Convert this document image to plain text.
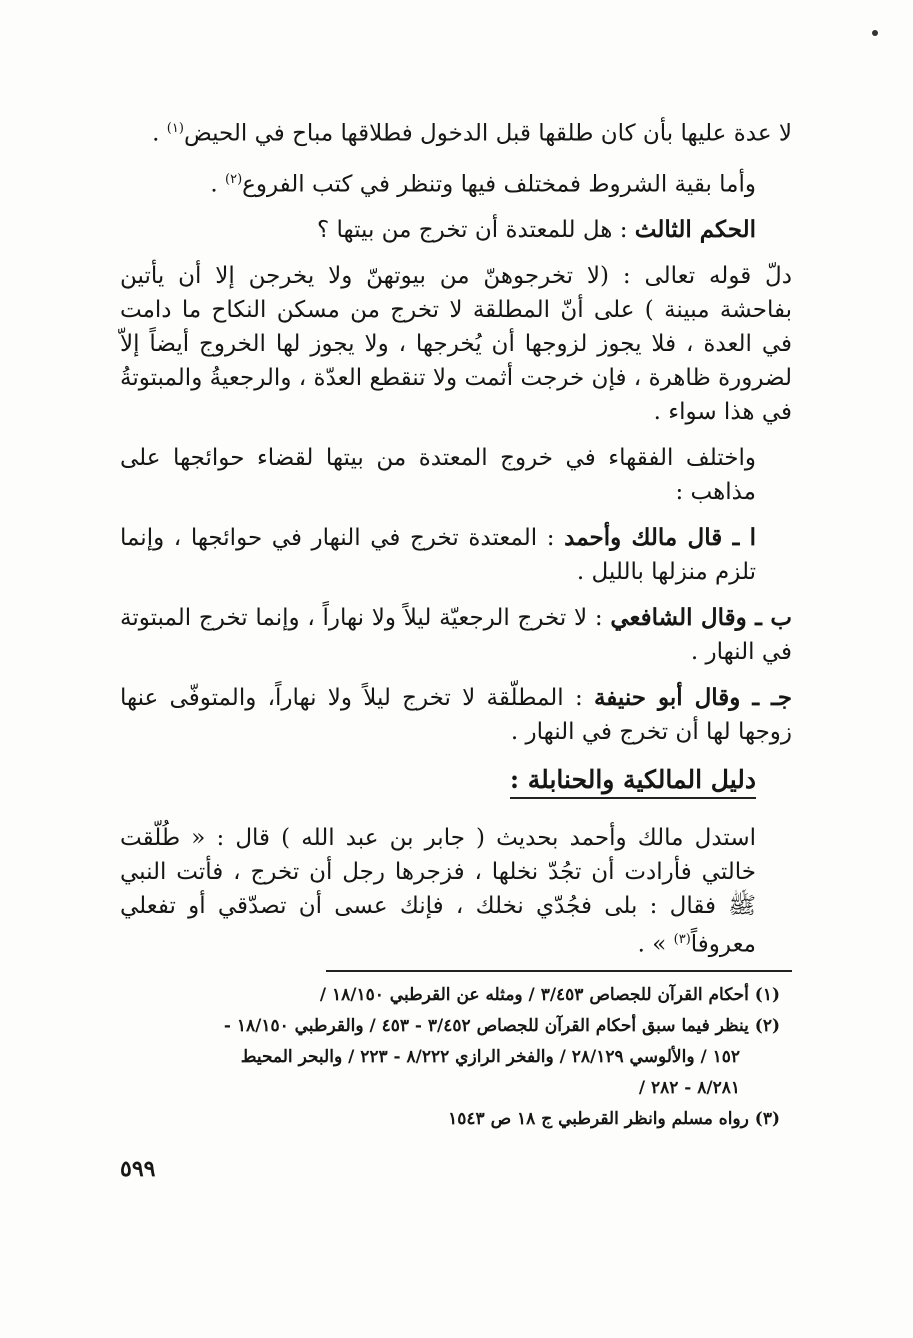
لا عدة عليها بأن كان طلقها قبل الدخول فطلاقها مباح في الحيض$^{(١)}$ .

وأما بقية الشروط فمختلف فيها وتنظر في كتب الفروع$^{(٢)}$ .

الحكم الثالث : هل للمعتدة أن تخرج من بيتها ؟

دلّ قوله تعالى : (لا تخرجوهنّ من بيوتهنّ ولا يخرجن إلا أن يأتين بفاحشة مبينة ) على أنّ المطلقة لا تخرج من مسكن النكاح ما دامت في العدة ، فلا يجوز لزوجها أن يُخرجها ، ولا يجوز لها الخروج أيضاً إلاّ لضرورة ظاهرة ، فإن خرجت أثمت ولا تنقطع العدّة ، والرجعيةُ والمبتوتةُ في هذا سواء .

واختلف الفقهاء في خروج المعتدة من بيتها لقضاء حوائجها على مذاهب :

ا ـ قال مالك وأحمد : المعتدة تخرج في النهار في حوائجها ، وإنما تلزم منزلها بالليل .

ب ـ وقال الشافعي : لا تخرج الرجعيّة ليلاً ولا نهاراً ، وإنما تخرج المبتوتة في النهار .

جـ ـ وقال أبو حنيفة : المطلّقة لا تخرج ليلاً ولا نهاراً، والمتوفّى عنها زوجها لها أن تخرج في النهار .

دليل المالكية والحنابلة :

استدل مالك وأحمد بحديث ( جابر بن عبد الله ) قال : « طُلّقت خالتي فأرادت أن تجُدّ نخلها ، فزجرها رجل أن تخرج ، فأتت النبي ﷺ فقال : بلى فجُدّي نخلك ، فإنك عسى أن تصدّقي أو تفعلي معروفاً$^{(٣)}$ » .

(١) أحكام القرآن للجصاص ٣/٤٥٣ / ومثله عن القرطبي ١٨/١٥٠ /
(٢) ينظر فيما سبق أحكام القرآن للجصاص ٣/٤٥٢ - ٤٥٣ / والقرطبي ١٨/١٥٠ -
١٥٢ / والألوسي ٢٨/١٢٩ / والفخر الرازي ٨/٢٢٢ - ٢٢٣ / والبحر المحيط
٨/٢٨١ - ٢٨٢ /
(٣) رواه مسلم وانظر القرطبي ج ١٨ ص ١٥٤٣
٥٩٩
